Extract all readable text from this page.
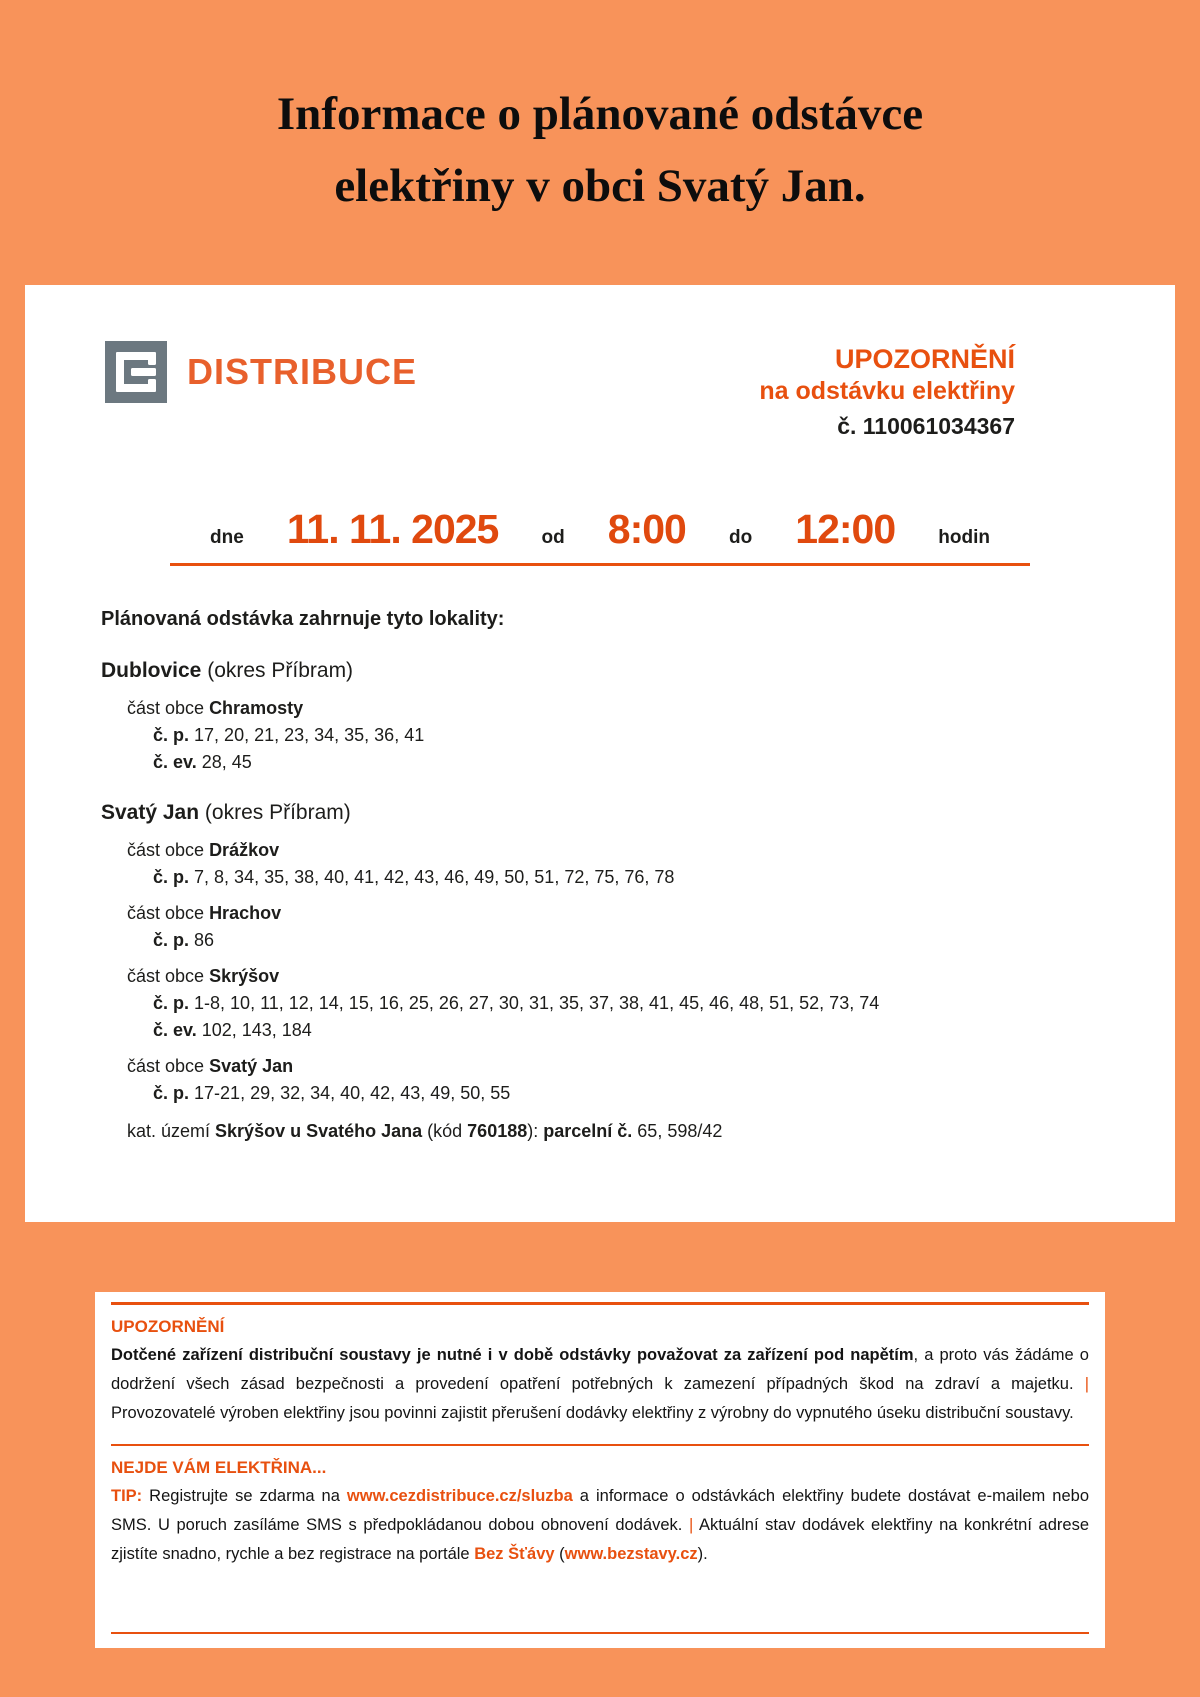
Informace o plánované odstávce
elektřiny v obci Svatý Jan.
DISTRIBUCE	UPOZORNĚNÍ
na odstávku elektřiny
č. 110061034367
dne 11. 11. 2025 od 8:00 do 12:00 hodin
Plánovaná odstávka zahrnuje tyto lokality:
Dublovice (okres Příbram)
část obce Chramosty
č. p. 17, 20, 21, 23, 34, 35, 36, 41
č. ev. 28, 45
Svatý Jan (okres Příbram)
část obce Drážkov
č. p. 7, 8, 34, 35, 38, 40, 41, 42, 43, 46, 49, 50, 51, 72, 75, 76, 78
část obce Hrachov
č. p. 86
část obce Skrýšov
č. p. 1-8, 10, 11, 12, 14, 15, 16, 25, 26, 27, 30, 31, 35, 37, 38, 41, 45, 46, 48, 51, 52, 73, 74
č. ev. 102, 143, 184
část obce Svatý Jan
č. p. 17-21, 29, 32, 34, 40, 42, 43, 49, 50, 55
kat. území Skrýšov u Svatého Jana (kód 760188): parcelní č. 65, 598/42
UPOZORNĚNÍ
Dotčené zařízení distribuční soustavy je nutné i v době odstávky považovat za zařízení pod napětím, a proto vás žádáme o dodržení všech zásad bezpečnosti a provedení opatření potřebných k zamezení případných škod na zdraví a majetku. | Provozovatelé výroben elektřiny jsou povinni zajistit přerušení dodávky elektřiny z výrobny do vypnutého úseku distribuční soustavy.
NEJDE VÁM ELEKTŘINA...
TIP: Registrujte se zdarma na www.cezdistribuce.cz/sluzba a informace o odstávkách elektřiny budete dostávat e-mailem nebo SMS. U poruch zasíláme SMS s předpokládanou dobou obnovení dodávek. | Aktuální stav dodávek elektřiny na konkrétní adrese zjistíte snadno, rychle a bez registrace na portále Bez Šťávy (www.bezstavy.cz).
